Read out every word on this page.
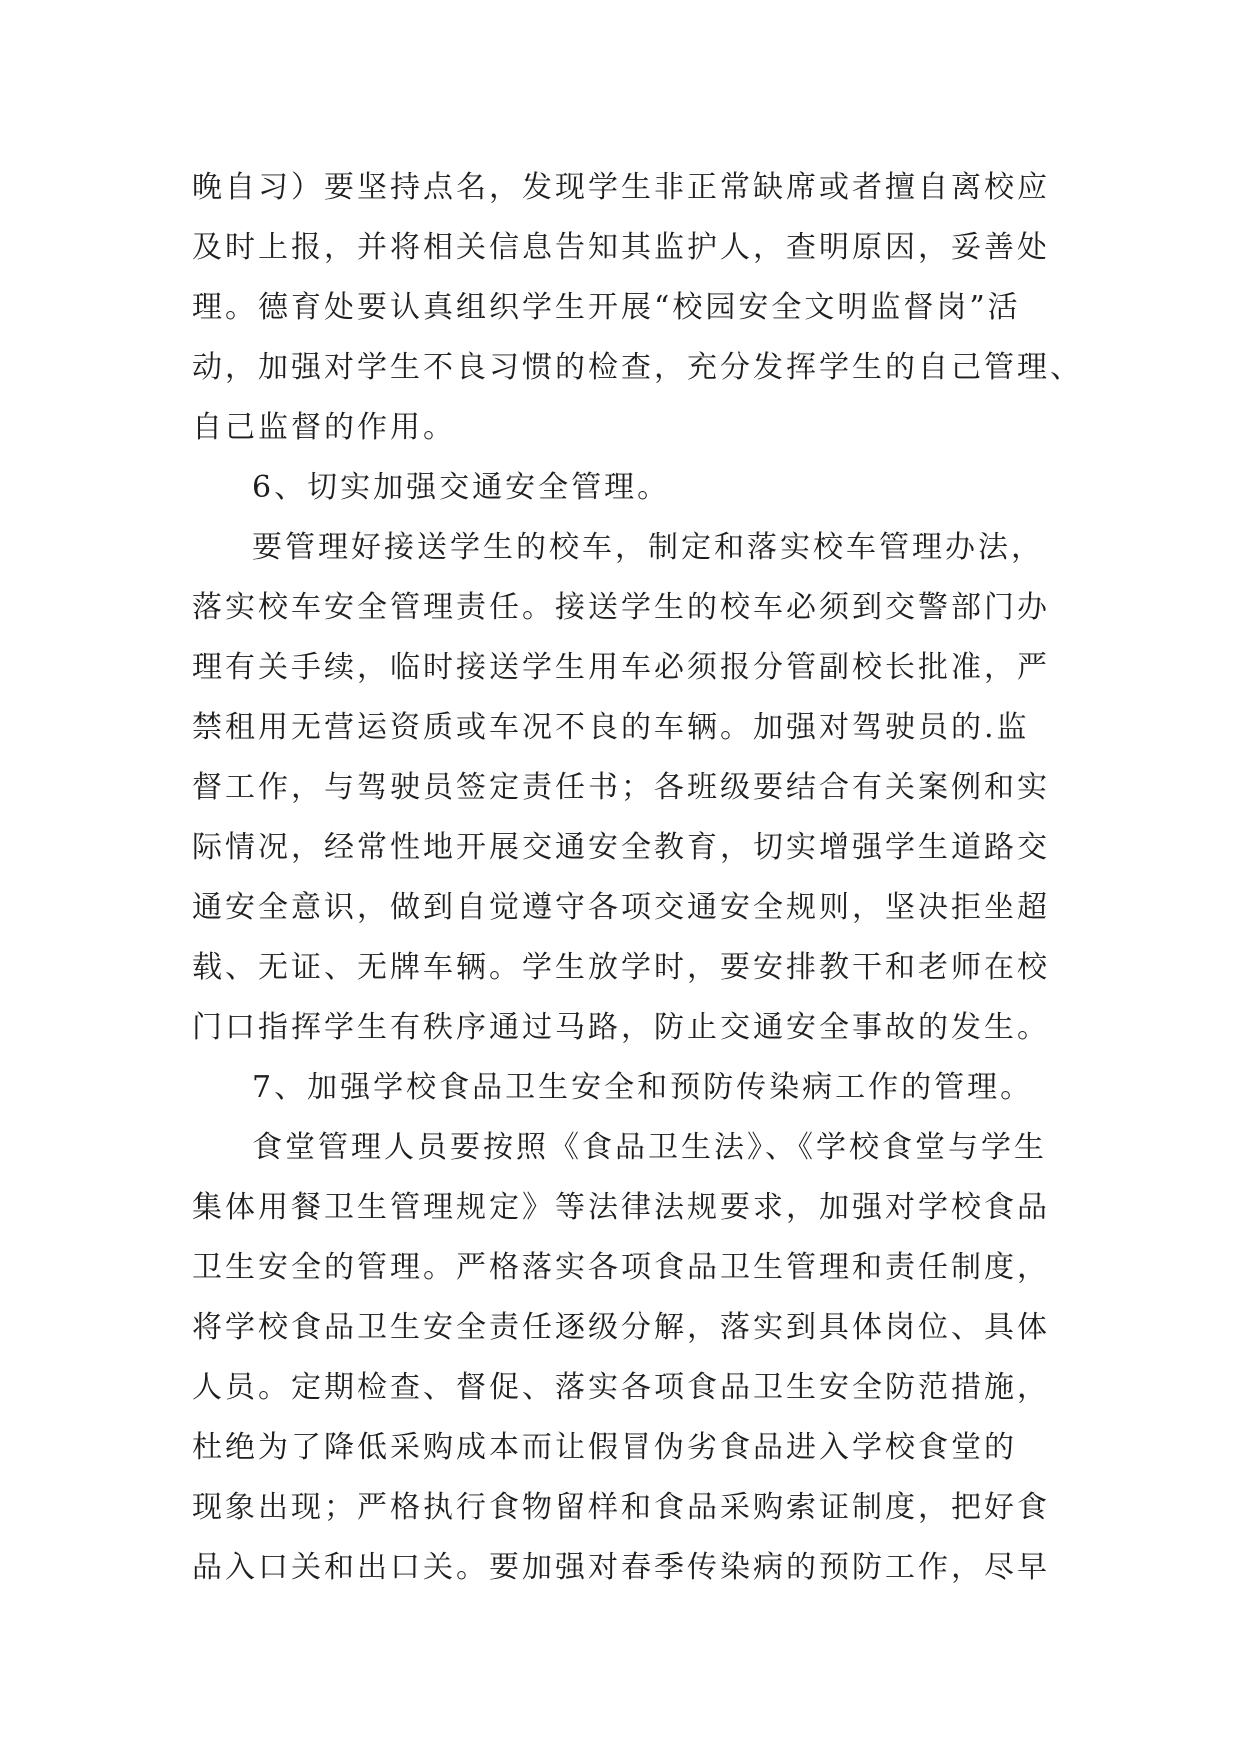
晚自习）要坚持点名，发现学生非正常缺席或者擅自离校应
及时上报，并将相关信息告知其监护人，查明原因，妥善处
理。德育处要认真组织学生开展“校园安全文明监督岗”活
动，加强对学生不良习惯的检查，充分发挥学生的自己管理、
自己监督的作用。
6、切实加强交通安全管理。
要管理好接送学生的校车，制定和落实校车管理办法，
落实校车安全管理责任。接送学生的校车必须到交警部门办
理有关手续，临时接送学生用车必须报分管副校长批准，严
禁租用无营运资质或车况不良的车辆。加强对驾驶员的.监
督工作，与驾驶员签定责任书；各班级要结合有关案例和实
际情况，经常性地开展交通安全教育，切实增强学生道路交
通安全意识，做到自觉遵守各项交通安全规则，坚决拒坐超
载、无证、无牌车辆。学生放学时，要安排教干和老师在校
门口指挥学生有秩序通过马路，防止交通安全事故的发生。
7、加强学校食品卫生安全和预防传染病工作的管理。
食堂管理人员要按照《食品卫生法》、《学校食堂与学生
集体用餐卫生管理规定》等法律法规要求，加强对学校食品
卫生安全的管理。严格落实各项食品卫生管理和责任制度，
将学校食品卫生安全责任逐级分解，落实到具体岗位、具体
人员。定期检查、督促、落实各项食品卫生安全防范措施，
杜绝为了降低采购成本而让假冒伪劣食品进入学校食堂的
现象出现；严格执行食物留样和食品采购索证制度，把好食
品入口关和出口关。要加强对春季传染病的预防工作，尽早
